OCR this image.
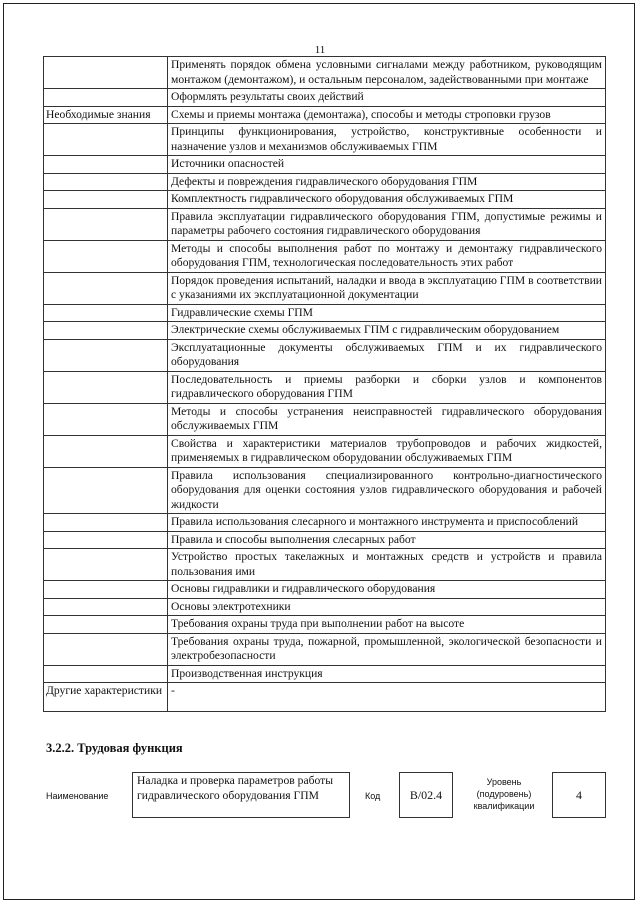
11
	Применять порядок обмена условными сигналами между работником, руководящим монтажом (демонтажом), и остальным персоналом, задействованными при монтаже
	Оформлять результаты своих действий
Необходимые знания	Схемы и приемы монтажа (демонтажа), способы и методы строповки грузов
	Принципы функционирования, устройство, конструктивные особенности и назначение узлов и механизмов обслуживаемых ГПМ
	Источники опасностей
	Дефекты и повреждения гидравлического оборудования ГПМ
	Комплектность гидравлического оборудования обслуживаемых ГПМ
	Правила эксплуатации гидравлического оборудования ГПМ, допустимые режимы и параметры рабочего состояния гидравлического оборудования
	Методы и способы выполнения работ по монтажу и демонтажу гидравлического оборудования ГПМ, технологическая последовательность этих работ
	Порядок проведения испытаний, наладки и ввода в эксплуатацию ГПМ в соответствии с указаниями их эксплуатационной документации
	Гидравлические схемы ГПМ
	Электрические схемы обслуживаемых ГПМ с гидравлическим оборудованием
	Эксплуатационные документы обслуживаемых ГПМ и их гидравлического оборудования
	Последовательность и приемы разборки и сборки узлов и компонентов гидравлического оборудования ГПМ
	Методы и способы устранения неисправностей гидравлического оборудования обслуживаемых ГПМ
	Свойства и характеристики материалов трубопроводов и рабочих жидкостей, применяемых в гидравлическом оборудовании обслуживаемых ГПМ
	Правила использования специализированного контрольно-диагностического оборудования для оценки состояния узлов гидравлического оборудования и рабочей жидкости
	Правила использования слесарного и монтажного инструмента и приспособлений
	Правила и способы выполнения слесарных работ
	Устройство простых такелажных и монтажных средств и устройств и правила пользования ими
	Основы гидравлики и гидравлического оборудования
	Основы электротехники
	Требования охраны труда при выполнении работ на высоте
	Требования охраны труда, пожарной, промышленной, экологической безопасности и электробезопасности
	Производственная инструкция
Другие характеристики	-
3.2.2. Трудовая функция
Наименование
Наладка и проверка параметров работы гидравлического оборудования ГПМ	Код	B/02.4
Уровень
(подуровень)
квалификации
4
